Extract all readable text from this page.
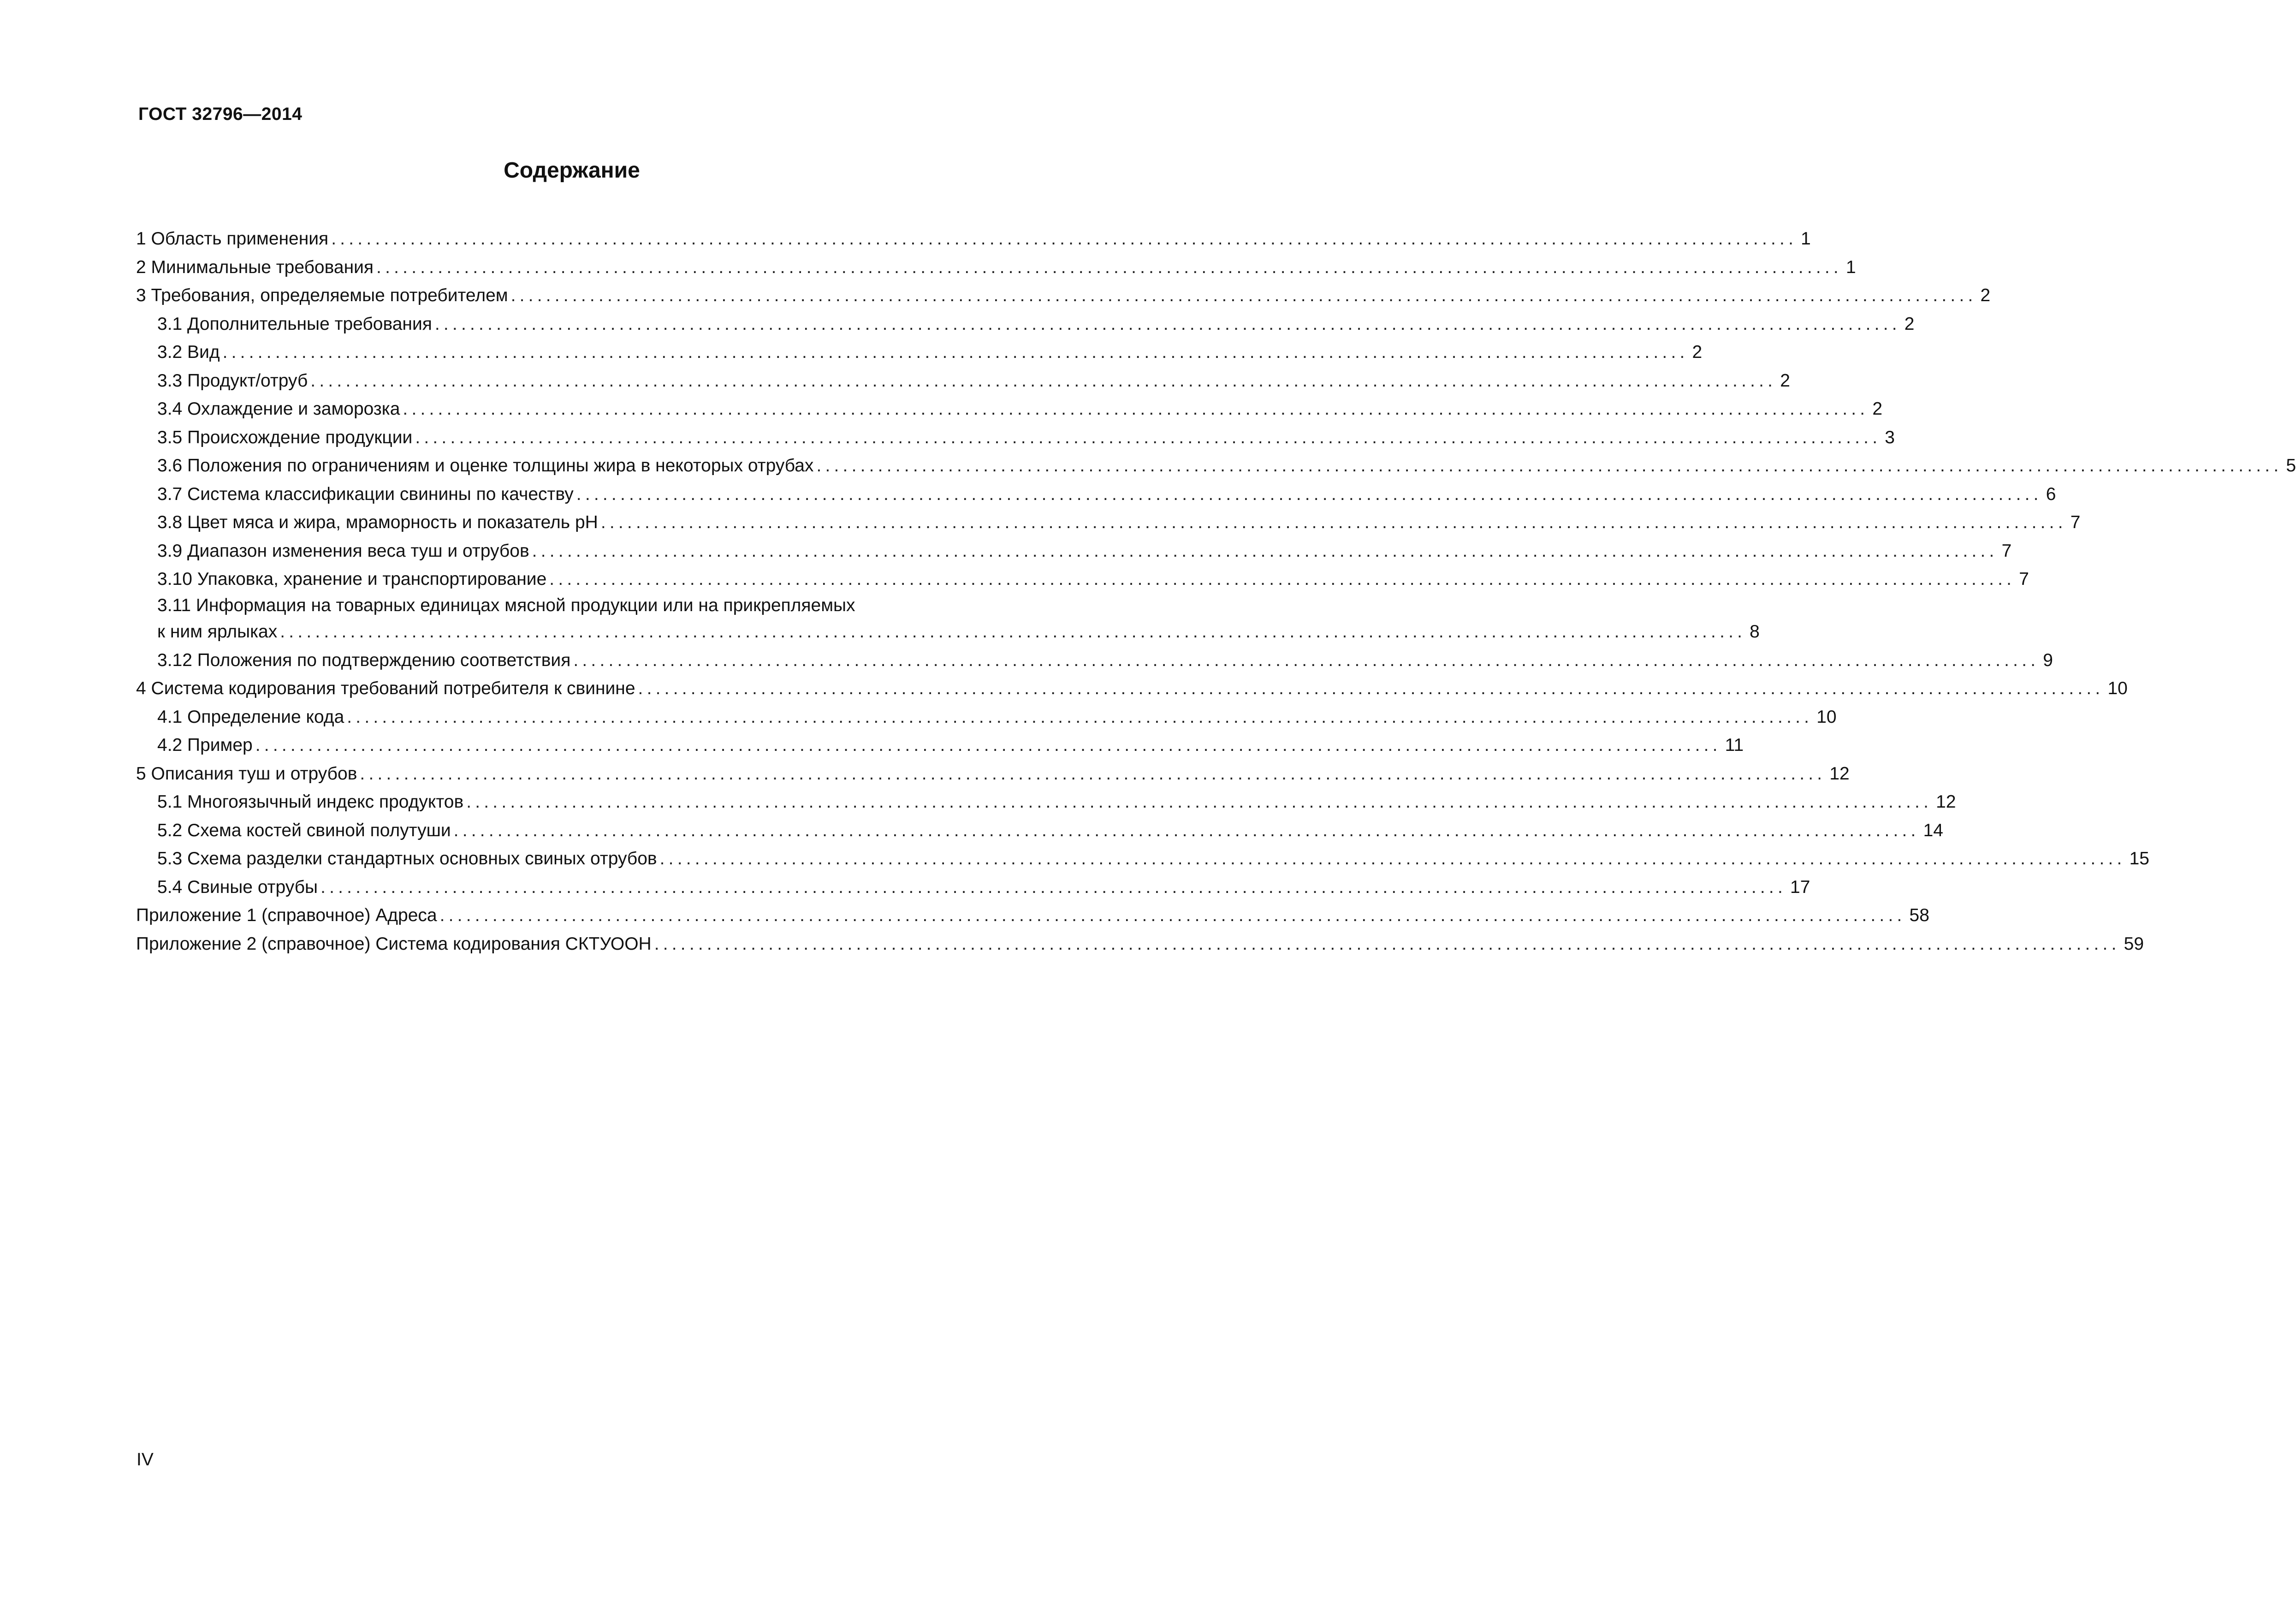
ГОСТ 32796—2014
Содержание
1 Область применения ....................................................................................................................................................................... 1
2 Минимальные требования ....................................................................................................................................................................... 1
3 Требования, определяемые потребителем ....................................................................................................................................................................... 2
3.1 Дополнительные требования ....................................................................................................................................................................... 2
3.2 Вид ....................................................................................................................................................................... 2
3.3 Продукт/отруб ....................................................................................................................................................................... 2
3.4 Охлаждение и заморозка ....................................................................................................................................................................... 2
3.5 Происхождение продукции ....................................................................................................................................................................... 3
3.6 Положения по ограничениям и оценке толщины жира в некоторых отрубах ....................................................................................................................................................................... 5
3.7 Система классификации свинины по качеству ....................................................................................................................................................................... 6
3.8 Цвет мяса и жира, мраморность и показатель pH ....................................................................................................................................................................... 7
3.9 Диапазон изменения веса туш и отрубов ....................................................................................................................................................................... 7
3.10 Упаковка, хранение и транспортирование ....................................................................................................................................................................... 7
3.11 Информация на товарных единицах мясной продукции или на прикрепляемых
к ним ярлыках ....................................................................................................................................................................... 8
3.12 Положения по подтверждению соответствия ....................................................................................................................................................................... 9
4 Система кодирования требований потребителя к свинине ....................................................................................................................................................................... 10
4.1 Определение кода ....................................................................................................................................................................... 10
4.2 Пример ....................................................................................................................................................................... 11
5 Описания туш и отрубов ....................................................................................................................................................................... 12
5.1 Многоязычный индекс продуктов ....................................................................................................................................................................... 12
5.2 Схема костей свиной полутуши ....................................................................................................................................................................... 14
5.3 Схема разделки стандартных основных свиных отрубов ....................................................................................................................................................................... 15
5.4 Свиные отрубы ....................................................................................................................................................................... 17
Приложение 1 (справочное) Адреса ....................................................................................................................................................................... 58
Приложение 2 (справочное) Система кодирования СКТУООН ....................................................................................................................................................................... 59
IV
